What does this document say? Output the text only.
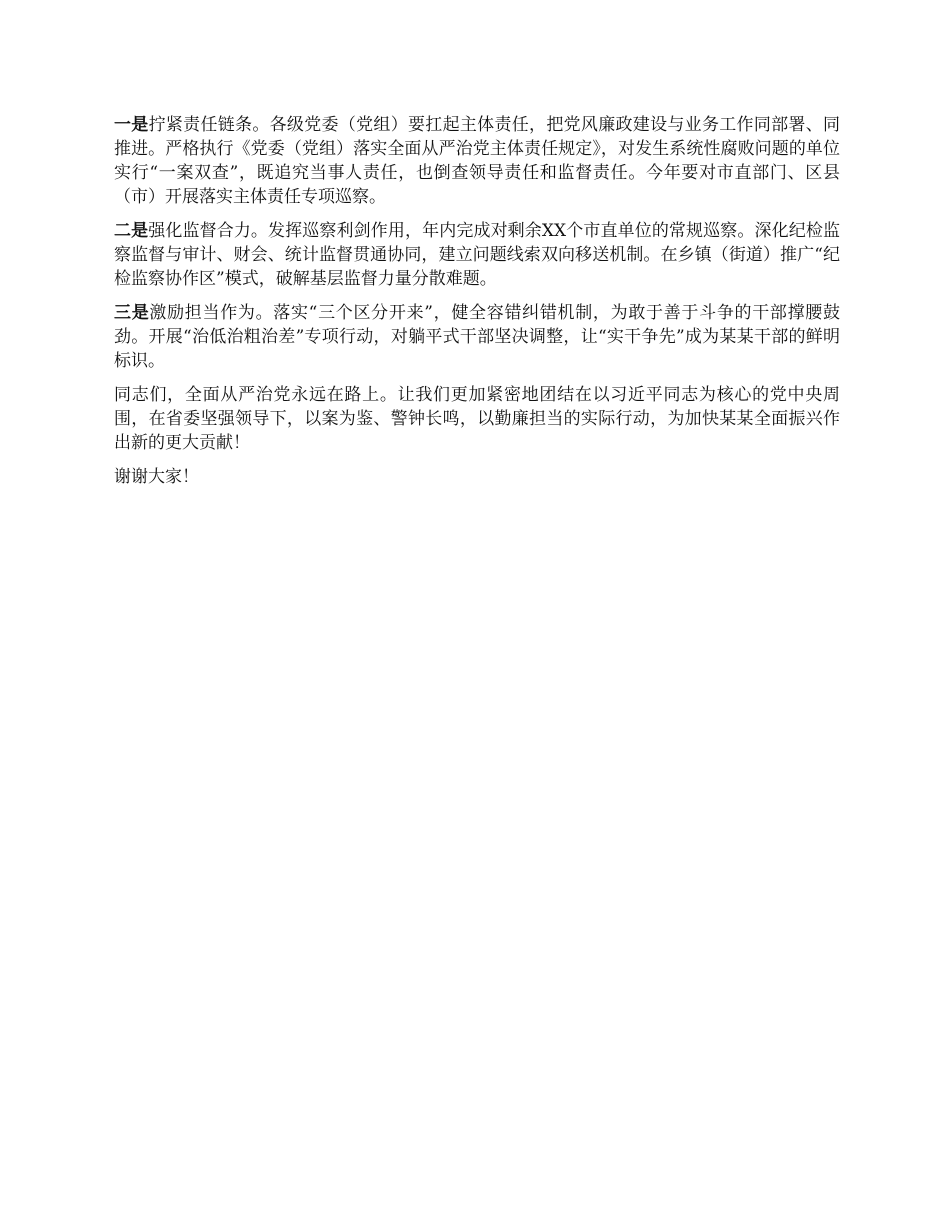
一是拧紧责任链条。各级党委（党组）要扛起主体责任，把党风廉政建设与业务工作同部署、同推进。严格执行《党委（党组）落实全面从严治党主体责任规定》，对发生系统性腐败问题的单位实行“一案双查”，既追究当事人责任，也倒查领导责任和监督责任。今年要对市直部门、区县（市）开展落实主体责任专项巡察。

二是强化监督合力。发挥巡察利剑作用，年内完成对剩余XX个市直单位的常规巡察。深化纪检监察监督与审计、财会、统计监督贯通协同，建立问题线索双向移送机制。在乡镇（街道）推广“纪检监察协作区”模式，破解基层监督力量分散难题。

三是激励担当作为。落实“三个区分开来”，健全容错纠错机制，为敢于善于斗争的干部撑腰鼓劲。开展“治低治粗治差”专项行动，对躺平式干部坚决调整，让“实干争先”成为某某干部的鲜明标识。

同志们，全面从严治党永远在路上。让我们更加紧密地团结在以习近平同志为核心的党中央周围，在省委坚强领导下，以案为鉴、警钟长鸣，以勤廉担当的实际行动，为加快某某全面振兴作出新的更大贡献！

谢谢大家！
